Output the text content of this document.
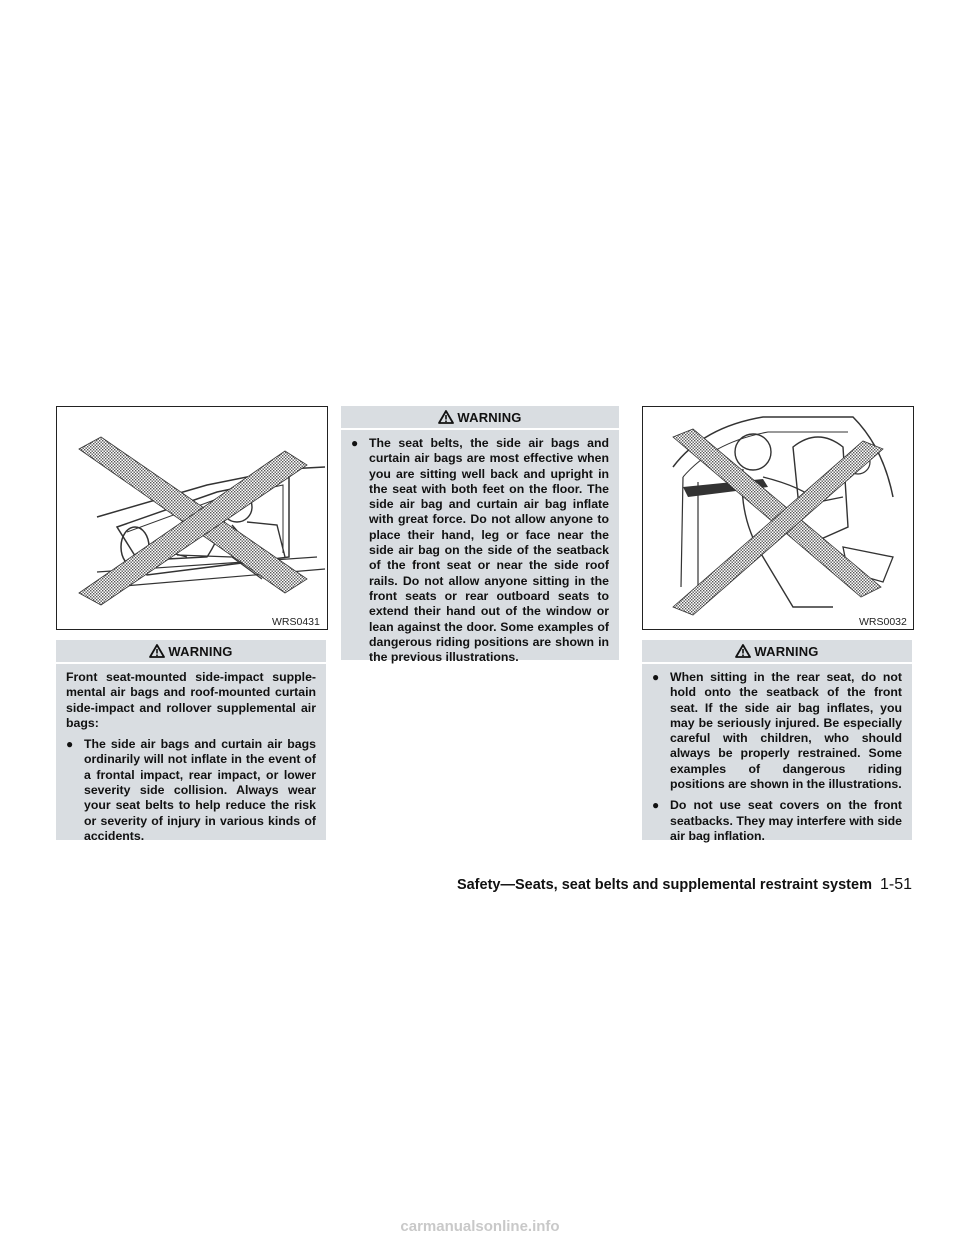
WRS0431
WARNING

Front seat-mounted side-impact supple-mental air bags and roof-mounted curtain side-impact and rollover supplemental air bags:

● The side air bags and curtain air bags ordinarily will not inflate in the event of a frontal impact, rear impact, or lower severity side collision. Always wear your seat belts to help reduce the risk or severity of injury in various kinds of accidents.
WARNING
● The seat belts, the side air bags and curtain air bags are most effective when you are sitting well back and upright in the seat with both feet on the floor. The side air bag and curtain air bag inflate with great force. Do not allow anyone to place their hand, leg or face near the side air bag on the side of the seatback of the front seat or near the side roof rails. Do not allow anyone sitting in the front seats or rear outboard seats to extend their hand out of the window or lean against the door. Some examples of dangerous riding positions are shown in the previous illustrations.
WRS0032
WARNING
● When sitting in the rear seat, do not hold onto the seatback of the front seat. If the side air bag inflates, you may be seriously injured. Be especially careful with children, who should always be properly restrained. Some examples of dangerous riding positions are shown in the illustrations.
● Do not use seat covers on the front seatbacks. They may interfere with side air bag inflation.
Safety—Seats, seat belts and supplemental restraint system 1-51
carmanualsonline.info
